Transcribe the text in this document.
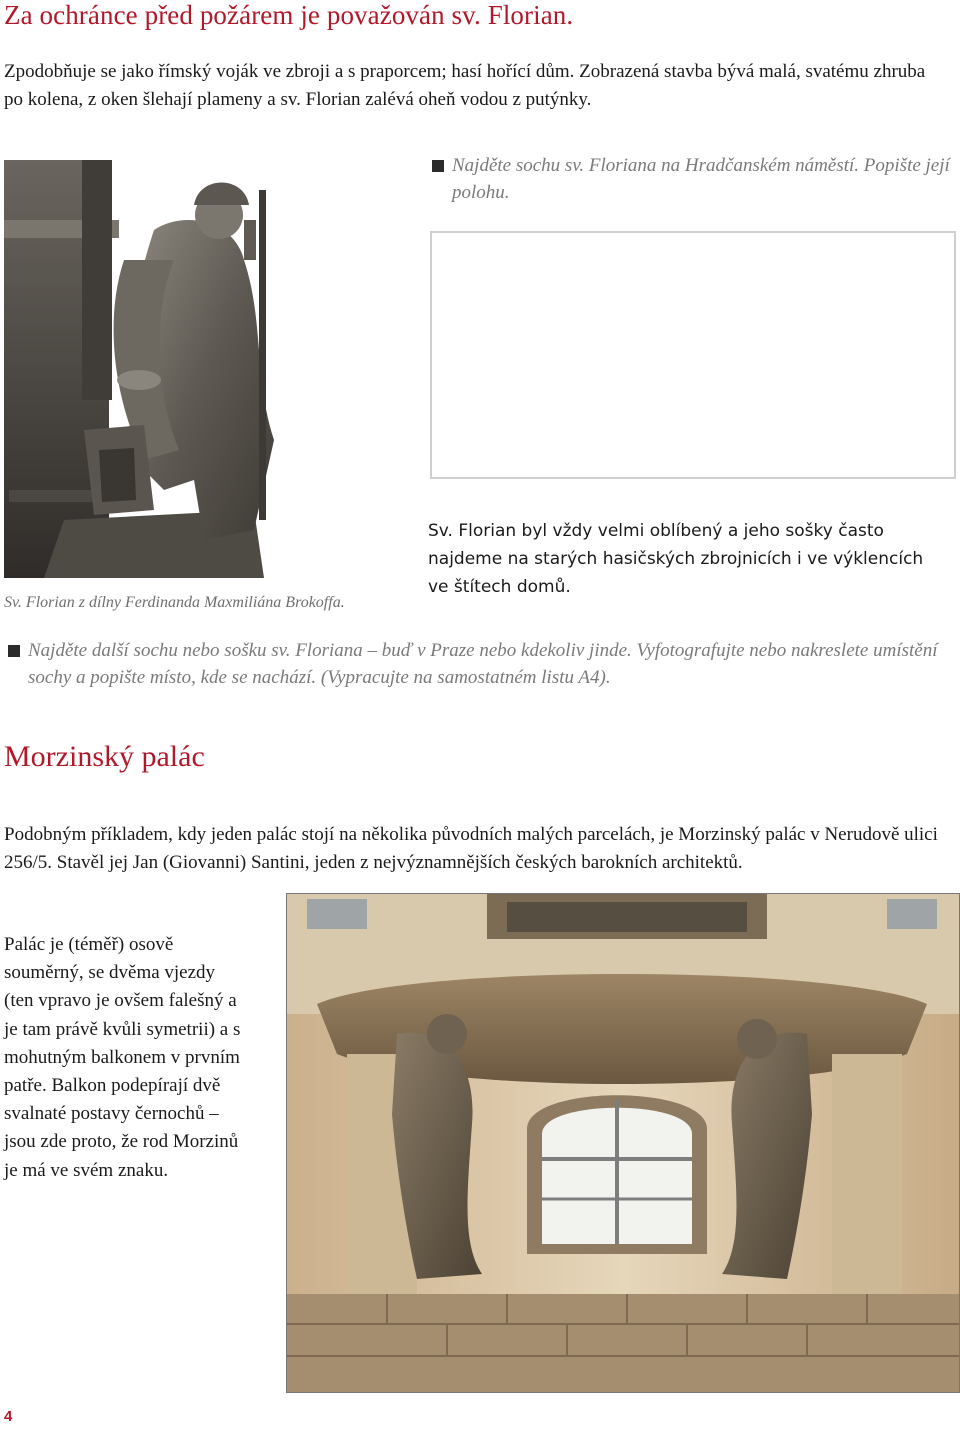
Za ochránce před požárem je považován sv. Florian.

Zpodobňuje se jako římský voják ve zbroji a s praporcem; hasí hořící dům. Zobrazená stavba bývá malá, svatému zhruba po kolena, z oken šlehají plameny a sv. Florian zalévá oheň vodou z putýnky.

Najděte sochu sv. Floriana na Hradčanském náměstí. Popište její polohu.
Sv. Florian z dílny Ferdinanda Maxmiliána Brokoffa.

Sv. Florian byl vždy velmi oblíbený a jeho sošky často najdeme na starých hasičských zbrojnicích i ve výklencích ve štítech domů.

Najděte další sochu nebo sošku sv. Floriana – buď v Praze nebo kdekoliv jinde. Vyfotografujte nebo nakreslete umístění sochy a popište místo, kde se nachází. (Vypracujte na samostatném listu A4).
Morzinský palác

Podobným příkladem, kdy jeden palác stojí na několika původních malých parcelách, je Morzinský palác v Nerudově ulici 256/5. Stavěl jej Jan (Giovanni) Santini, jeden z nejvýznamnějších českých barokních architektů.

Palác je (téměř) osově souměrný, se dvěma vjezdy (ten vpravo je ovšem falešný a je tam právě kvůli symetrii) a s mohutným balkonem v prvním patře. Balkon podepírají dvě svalnaté postavy černochů – jsou zde proto, že rod Morzinů je má ve svém znaku.

4
